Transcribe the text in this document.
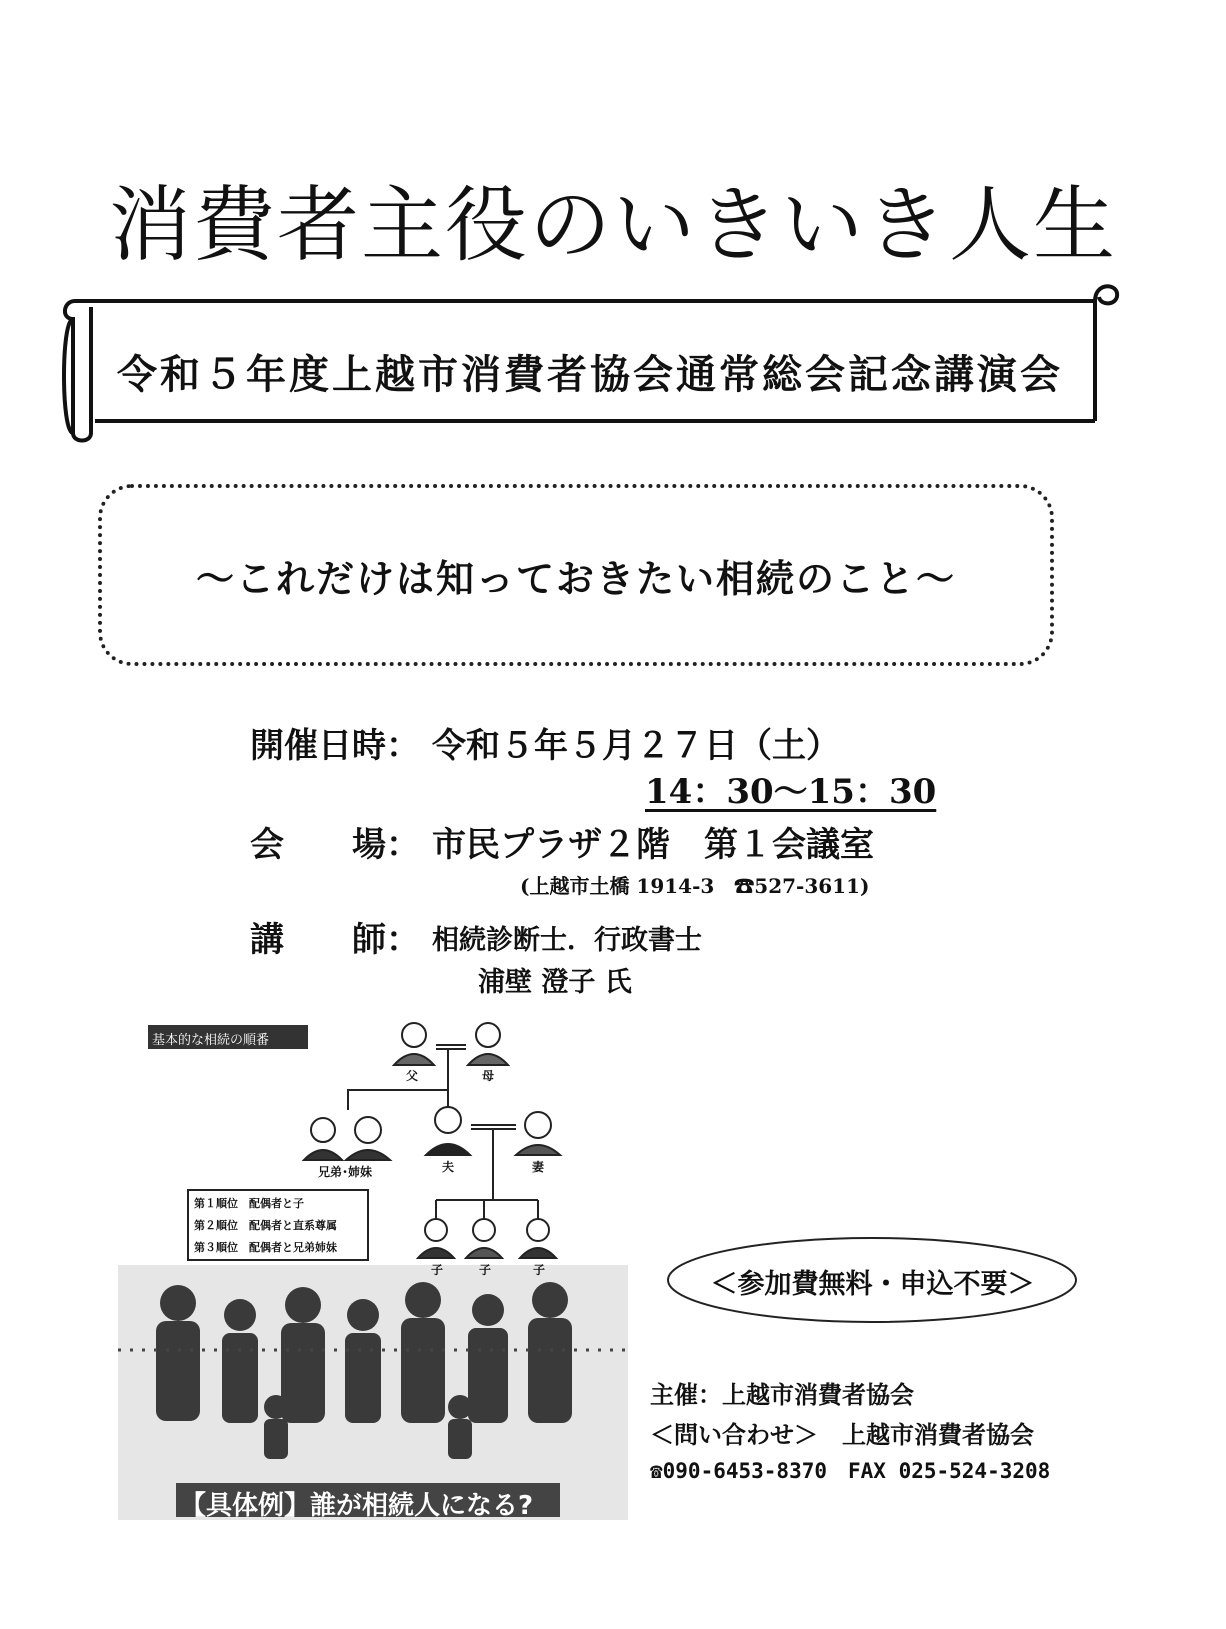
消費者主役のいきいき人生
令和５年度上越市消費者協会通常総会記念講演会
～これだけは知っておきたい相続のこと～
開催日時： 令和５年５月２７日（土）
14：30～15：30
会　　場： 市民プラザ２階　第１会議室
(上越市土橋 1914-3　☎527-3611)
講　　師： 相続診断士．行政書士
浦壁 澄子 氏
基本的な相続の順番
父	母
兄弟･姉妹	夫	妻
子	子	子
第１順位　配偶者と子
第２順位　配偶者と直系尊属
第３順位　配偶者と兄弟姉妹
【具体例】誰が相続人になる?
＜参加費無料・申込不要＞
主催：上越市消費者協会
＜問い合わせ＞　上越市消費者協会
☎090-6453-8370　FAX 025-524-3208
